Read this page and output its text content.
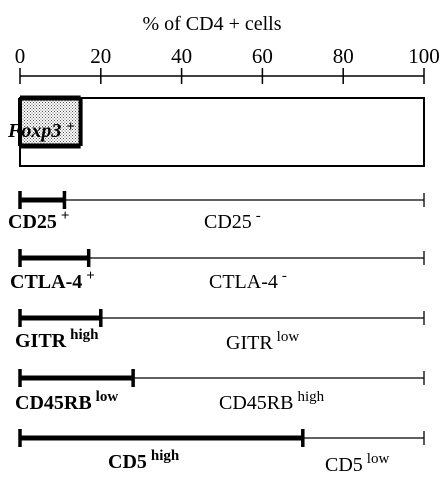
% of CD4 + cells
0	20	40	60	80	100
Foxp3 +
CD25 +	CD25 -
CTLA-4 +	CTLA-4 -
GITR $^{high}$	GITR $^{low}$
CD45RB $^{low}$	CD45RB $^{high}$
CD5 $^{high}$	CD5 $^{low}$
